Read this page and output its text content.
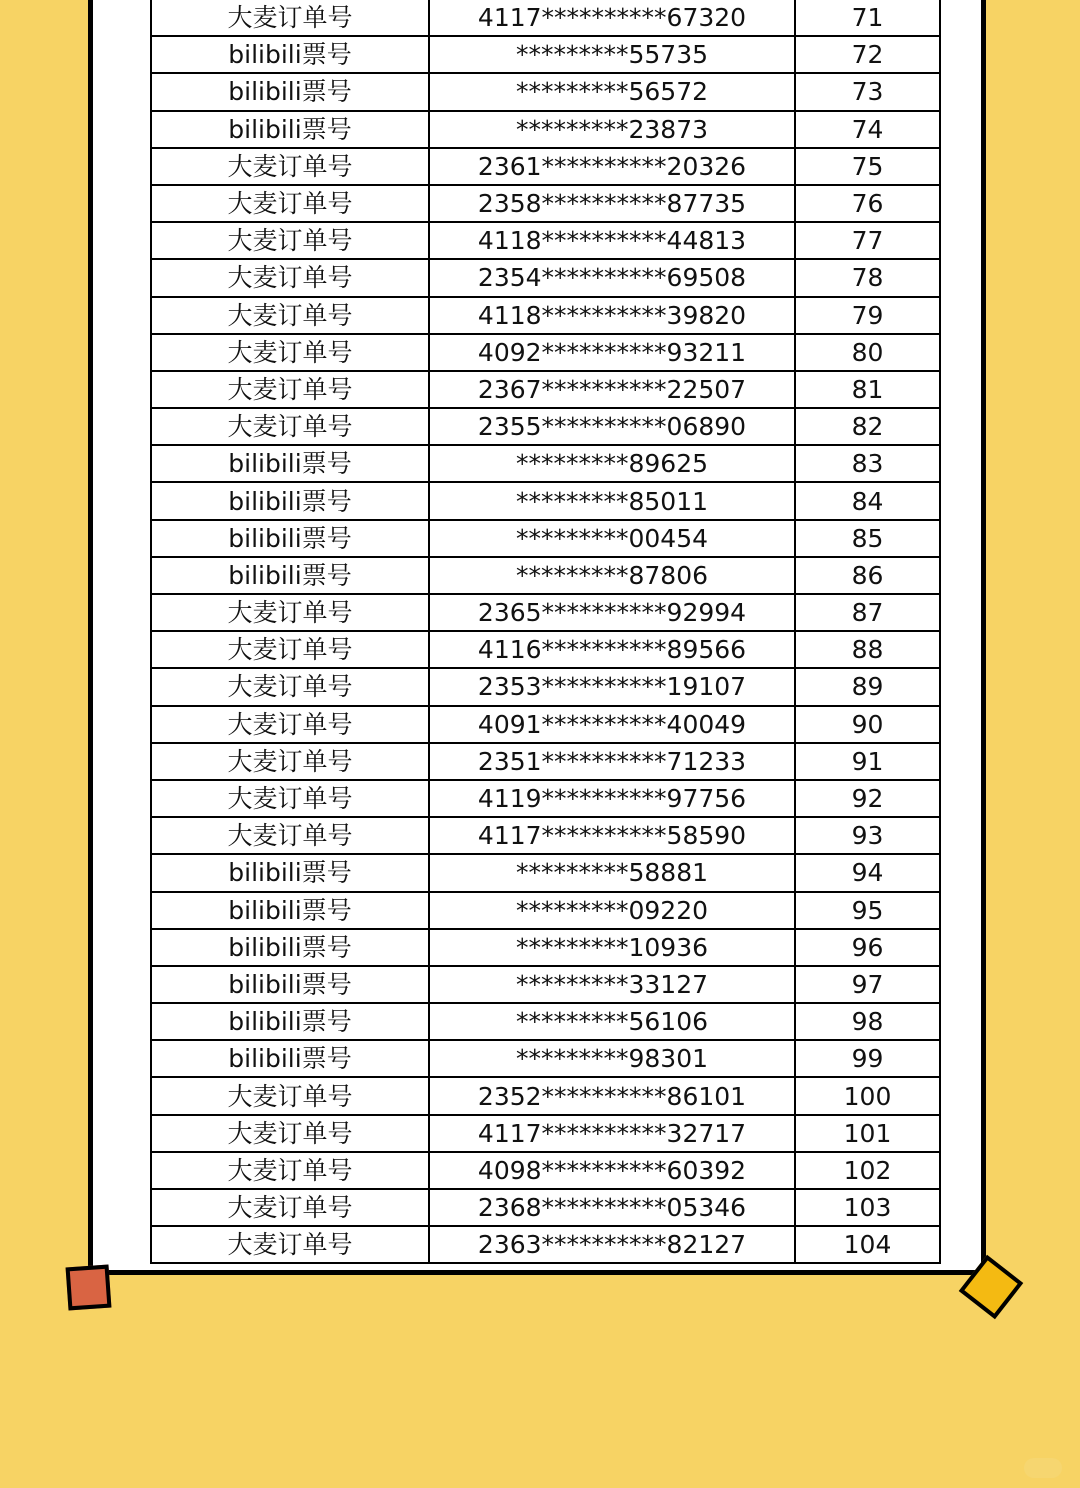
大麦订单号	4117**********67320	71
bilibili票号	*********55735	72
bilibili票号	*********56572	73
bilibili票号	*********23873	74
大麦订单号	2361**********20326	75
大麦订单号	2358**********87735	76
大麦订单号	4118**********44813	77
大麦订单号	2354**********69508	78
大麦订单号	4118**********39820	79
大麦订单号	4092**********93211	80
大麦订单号	2367**********22507	81
大麦订单号	2355**********06890	82
bilibili票号	*********89625	83
bilibili票号	*********85011	84
bilibili票号	*********00454	85
bilibili票号	*********87806	86
大麦订单号	2365**********92994	87
大麦订单号	4116**********89566	88
大麦订单号	2353**********19107	89
大麦订单号	4091**********40049	90
大麦订单号	2351**********71233	91
大麦订单号	4119**********97756	92
大麦订单号	4117**********58590	93
bilibili票号	*********58881	94
bilibili票号	*********09220	95
bilibili票号	*********10936	96
bilibili票号	*********33127	97
bilibili票号	*********56106	98
bilibili票号	*********98301	99
大麦订单号	2352**********86101	100
大麦订单号	4117**********32717	101
大麦订单号	4098**********60392	102
大麦订单号	2368**********05346	103
大麦订单号	2363**********82127	104
